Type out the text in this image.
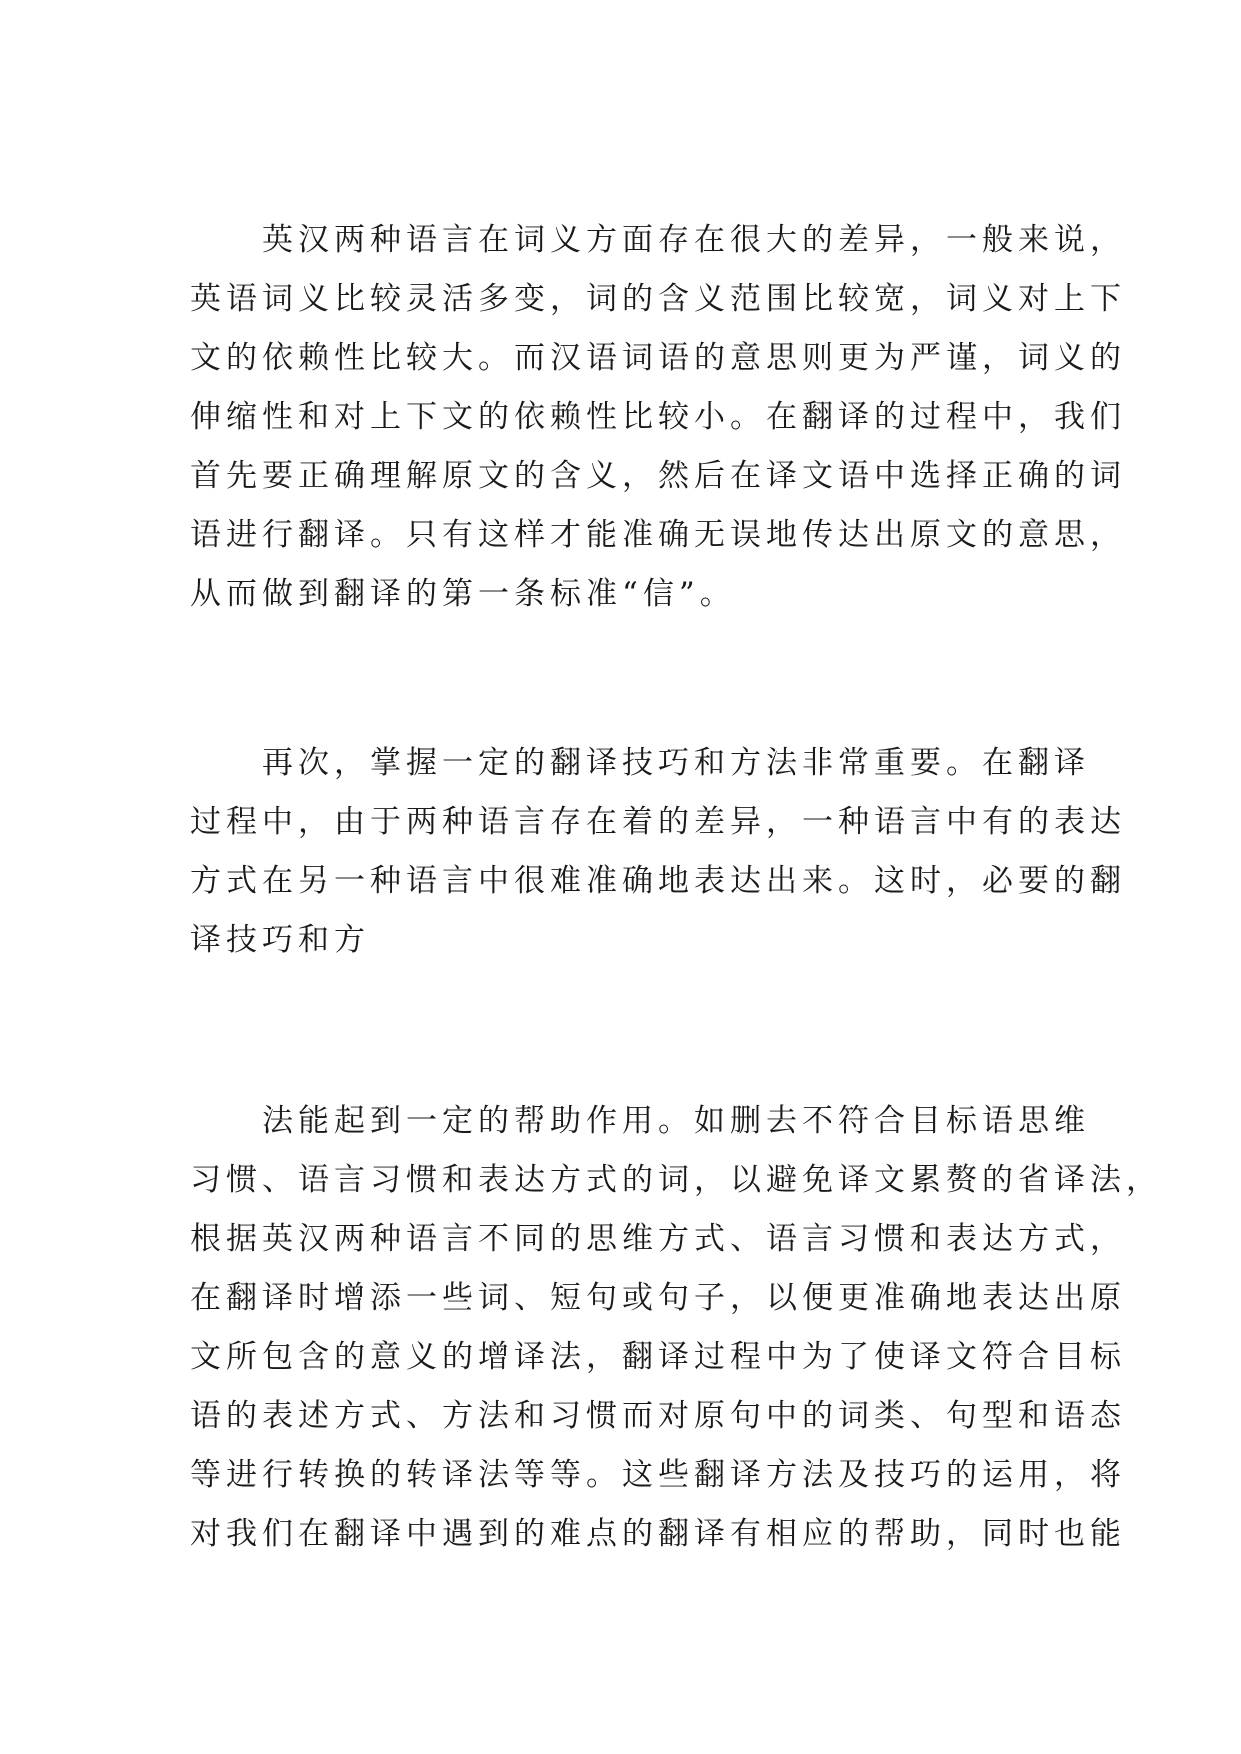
　　英汉两种语言在词义方面存在很大的差异，一般来说，
英语词义比较灵活多变，词的含义范围比较宽，词义对上下
文的依赖性比较大。而汉语词语的意思则更为严谨，词义的
伸缩性和对上下文的依赖性比较小。在翻译的过程中，我们
首先要正确理解原文的含义，然后在译文语中选择正确的词
语进行翻译。只有这样才能准确无误地传达出原文的意思，
从而做到翻译的第一条标准“信”。
　　再次，掌握一定的翻译技巧和方法非常重要。在翻译
过程中，由于两种语言存在着的差异，一种语言中有的表达
方式在另一种语言中很难准确地表达出来。这时，必要的翻
译技巧和方
　　法能起到一定的帮助作用。如删去不符合目标语思维
习惯、语言习惯和表达方式的词，以避免译文累赘的省译法，
根据英汉两种语言不同的思维方式、语言习惯和表达方式，
在翻译时增添一些词、短句或句子，以便更准确地表达出原
文所包含的意义的增译法，翻译过程中为了使译文符合目标
语的表述方式、方法和习惯而对原句中的词类、句型和语态
等进行转换的转译法等等。这些翻译方法及技巧的运用，将
对我们在翻译中遇到的难点的翻译有相应的帮助，同时也能
